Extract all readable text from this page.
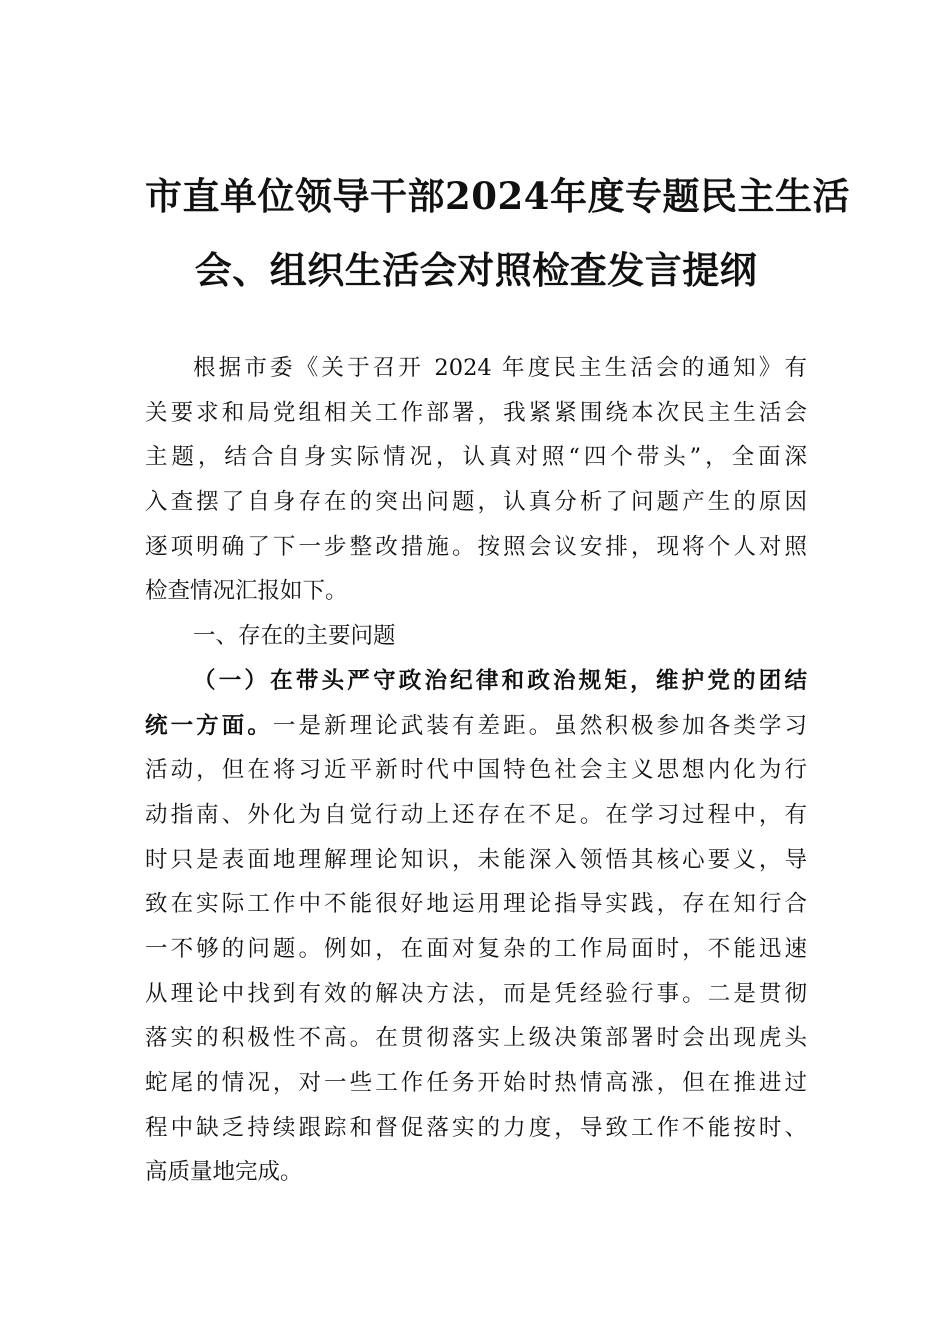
市直单位领导干部2024年度专题民主生活
会、组织生活会对照检查发言提纲
根据市委《关于召开 2024 年度民主生活会的通知》有
关要求和局党组相关工作部署，我紧紧围绕本次民主生活会
主题，结合自身实际情况，认真对照“四个带头”，全面深
入查摆了自身存在的突出问题，认真分析了问题产生的原因
逐项明确了下一步整改措施。按照会议安排，现将个人对照
检查情况汇报如下。
一、存在的主要问题
（一）在带头严守政治纪律和政治规矩，维护党的团结
统一方面。一是新理论武装有差距。虽然积极参加各类学习
活动，但在将习近平新时代中国特色社会主义思想内化为行
动指南、外化为自觉行动上还存在不足。在学习过程中，有
时只是表面地理解理论知识，未能深入领悟其核心要义，导
致在实际工作中不能很好地运用理论指导实践，存在知行合
一不够的问题。例如，在面对复杂的工作局面时，不能迅速
从理论中找到有效的解决方法，而是凭经验行事。二是贯彻
落实的积极性不高。在贯彻落实上级决策部署时会出现虎头
蛇尾的情况，对一些工作任务开始时热情高涨，但在推进过
程中缺乏持续跟踪和督促落实的力度，导致工作不能按时、
高质量地完成。
